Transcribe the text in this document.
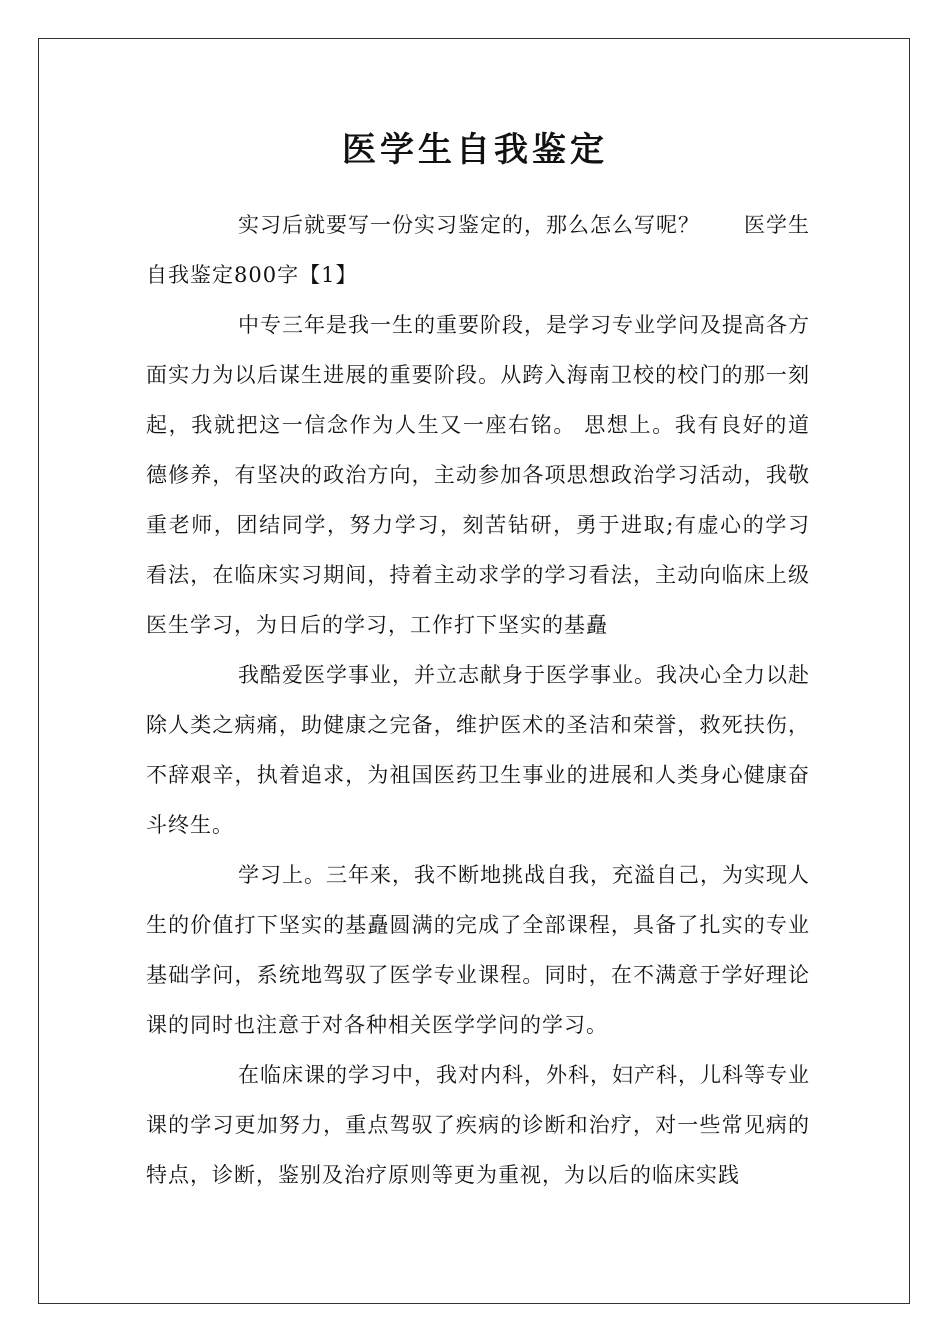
医学生自我鉴定

实习后就要写一份实习鉴定的，那么怎么写呢？　　医学生自我鉴定800字【1】

中专三年是我一生的重要阶段，是学习专业学问及提高各方面实力为以后谋生进展的重要阶段。从跨入海南卫校的校门的那一刻起，我就把这一信念作为人生又一座右铭。 思想上。我有良好的道德修养，有坚决的政治方向，主动参加各项思想政治学习活动，我敬重老师，团结同学，努力学习，刻苦钻研，勇于进取;有虚心的学习看法，在临床实习期间，持着主动求学的学习看法，主动向临床上级医生学习，为日后的学习，工作打下坚实的基矗

我酷爱医学事业，并立志献身于医学事业。我决心全力以赴除人类之病痛，助健康之完备，维护医术的圣洁和荣誉，救死扶伤，不辞艰辛，执着追求，为祖国医药卫生事业的进展和人类身心健康奋斗终生。

学习上。三年来，我不断地挑战自我，充溢自己，为实现人生的价值打下坚实的基矗圆满的完成了全部课程，具备了扎实的专业基础学问，系统地驾驭了医学专业课程。同时，在不满意于学好理论课的同时也注意于对各种相关医学学问的学习。

在临床课的学习中，我对内科，外科，妇产科，儿科等专业课的学习更加努力，重点驾驭了疾病的诊断和治疗，对一些常见病的特点，诊断，鉴别及治疗原则等更为重视，为以后的临床实践
